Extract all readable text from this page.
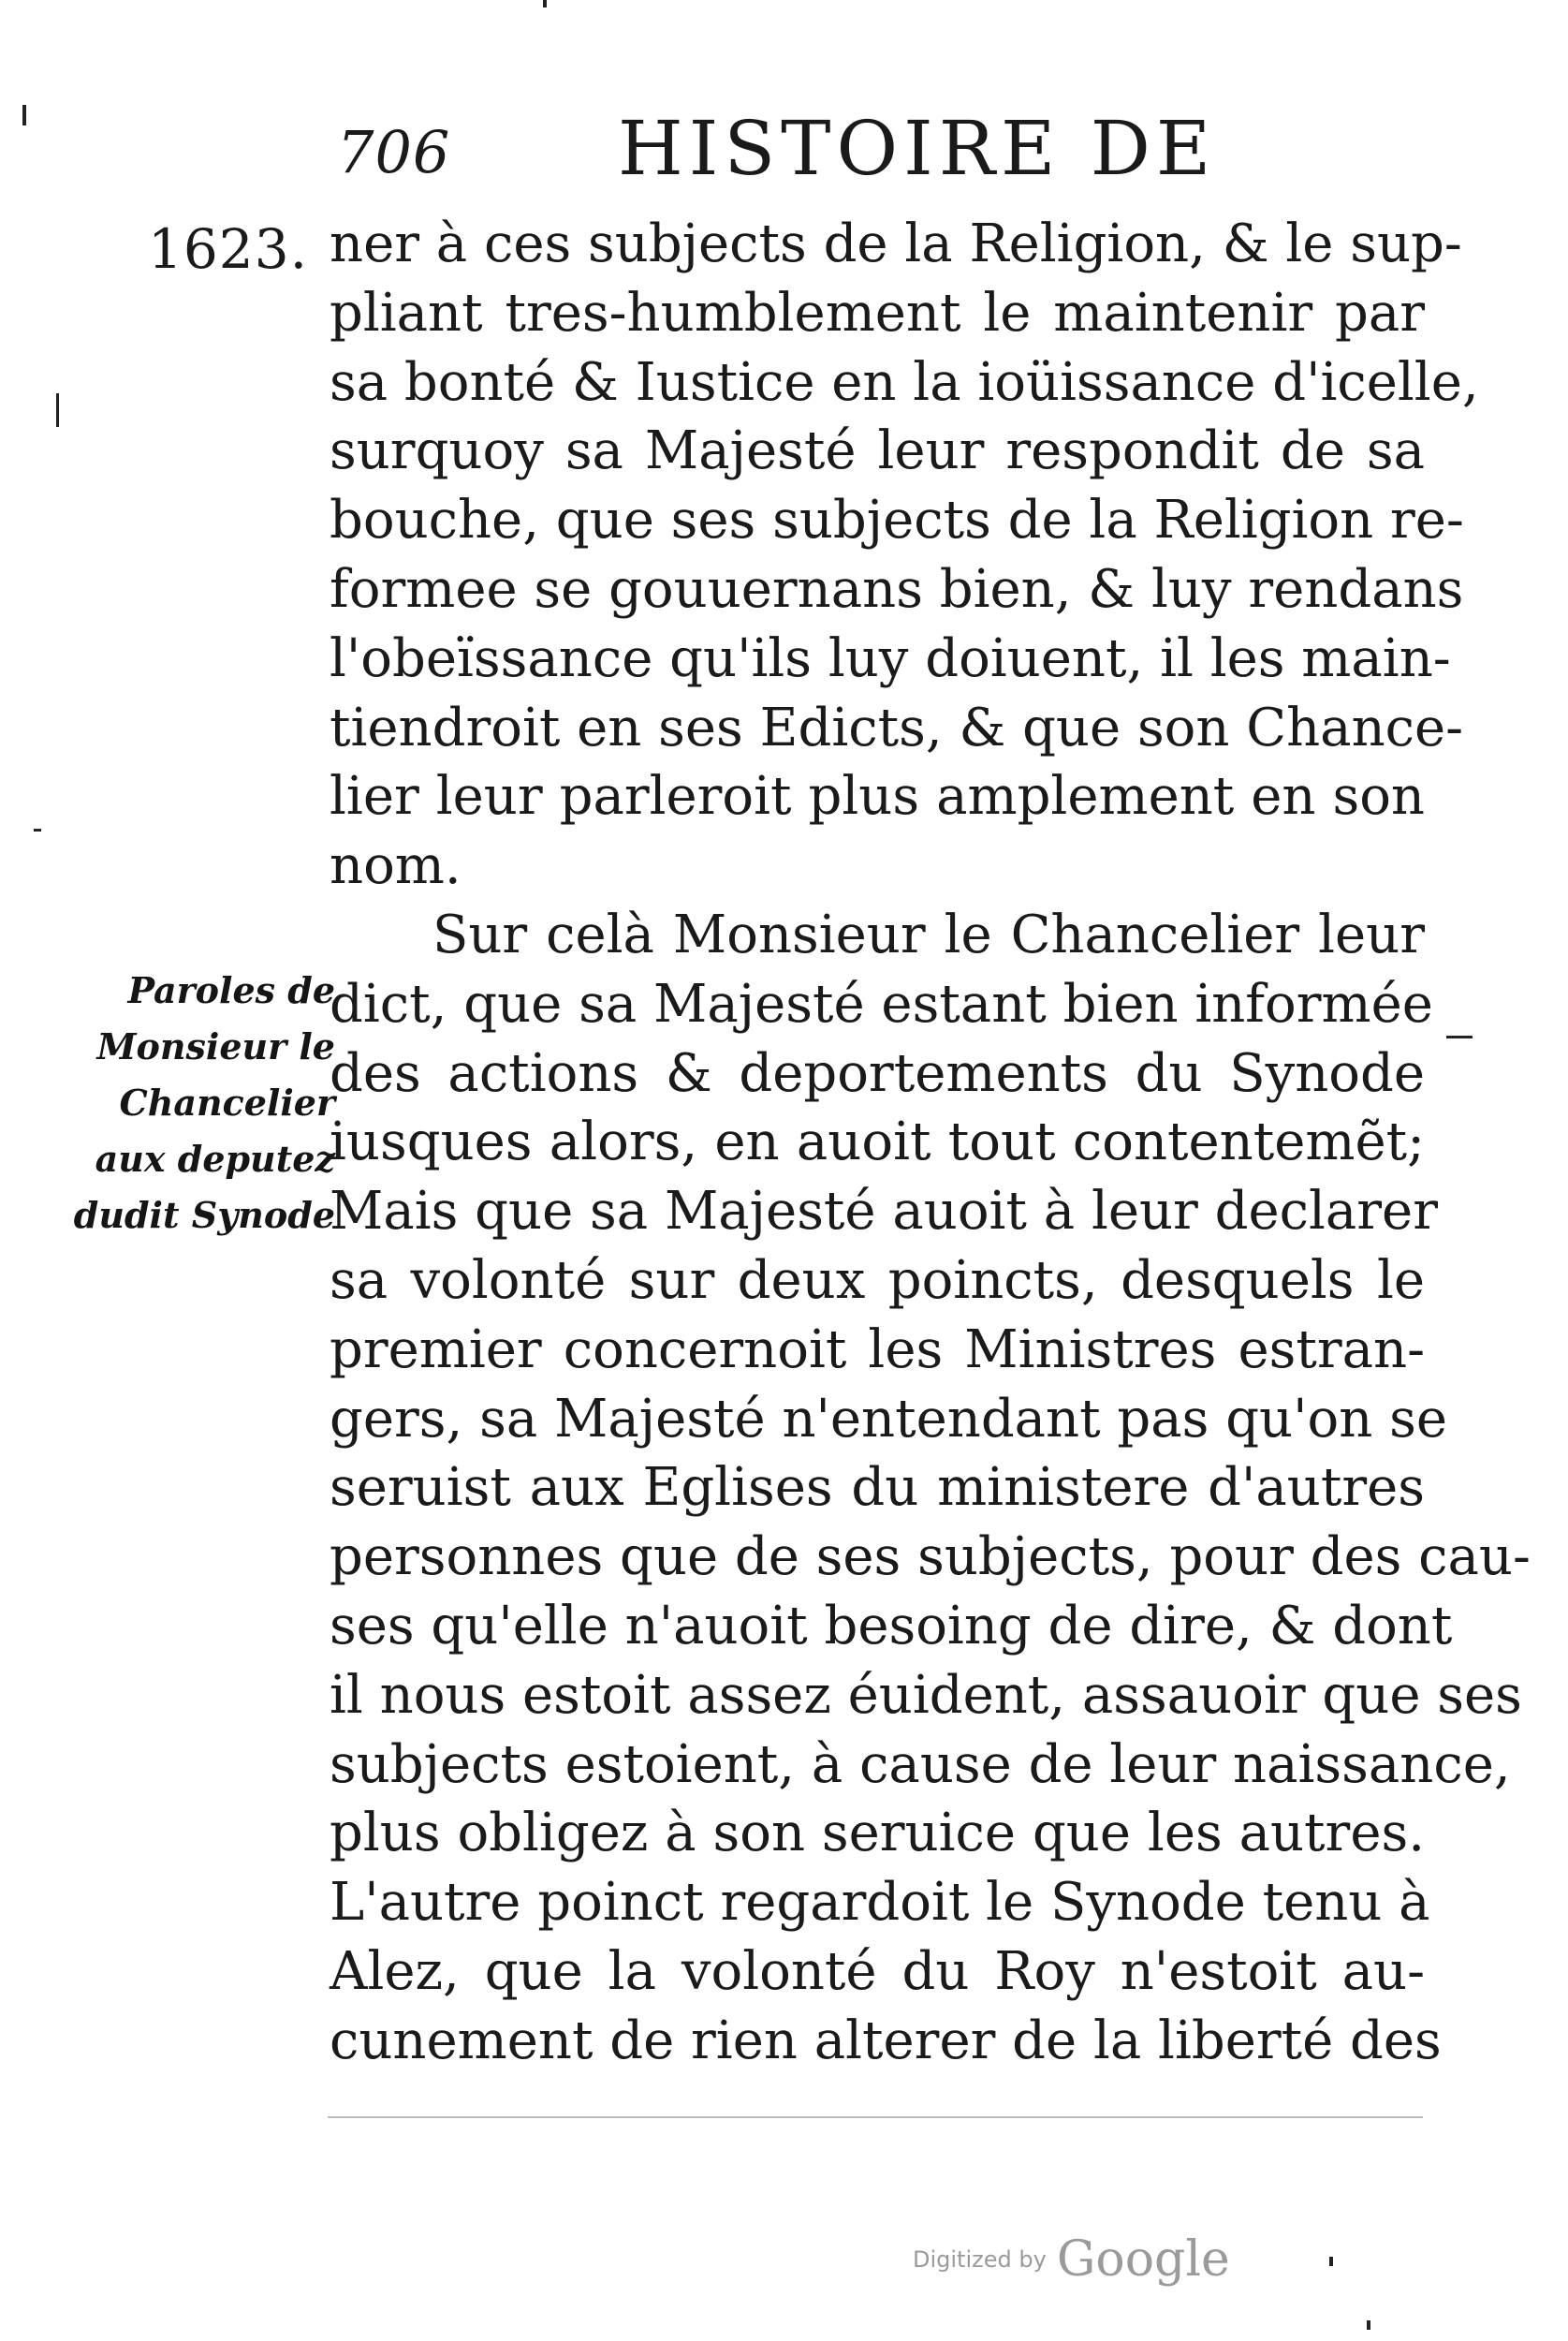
706 HISTOIRE DE
1623.
Paroles de
Monsieur le
Chancelier
aux deputez
dudit Synode
ner à ces subjects de la Religion, & le sup-
pliant tres-humblement le maintenir par
sa bonté & Iustice en la ioüissance d'icelle,
surquoy sa Majesté leur respondit de sa
bouche, que ses subjects de la Religion re-
formee se gouuernans bien, & luy rendans
l'obeïssance qu'ils luy doiuent, il les main-
tiendroit en ses Edicts, & que son Chance-
lier leur parleroit plus amplement en son
nom.
Sur celà Monsieur le Chancelier leur
dict, que sa Majesté estant bien informée
des actions & deportements du Synode
iusques alors, en auoit tout contentemẽt;
Mais que sa Majesté auoit à leur declarer
sa volonté sur deux poincts, desquels le
premier concernoit les Ministres estran-
gers, sa Majesté n'entendant pas qu'on se
seruist aux Eglises du ministere d'autres
personnes que de ses subjects, pour des cau-
ses qu'elle n'auoit besoing de dire, & dont
il nous estoit assez éuident, assauoir que ses
subjects estoient, à cause de leur naissance,
plus obligez à son seruice que les autres.
L'autre poinct regardoit le Synode tenu à
Alez, que la volonté du Roy n'estoit au-
cunement de rien alterer de la liberté des
Digitized by Google
